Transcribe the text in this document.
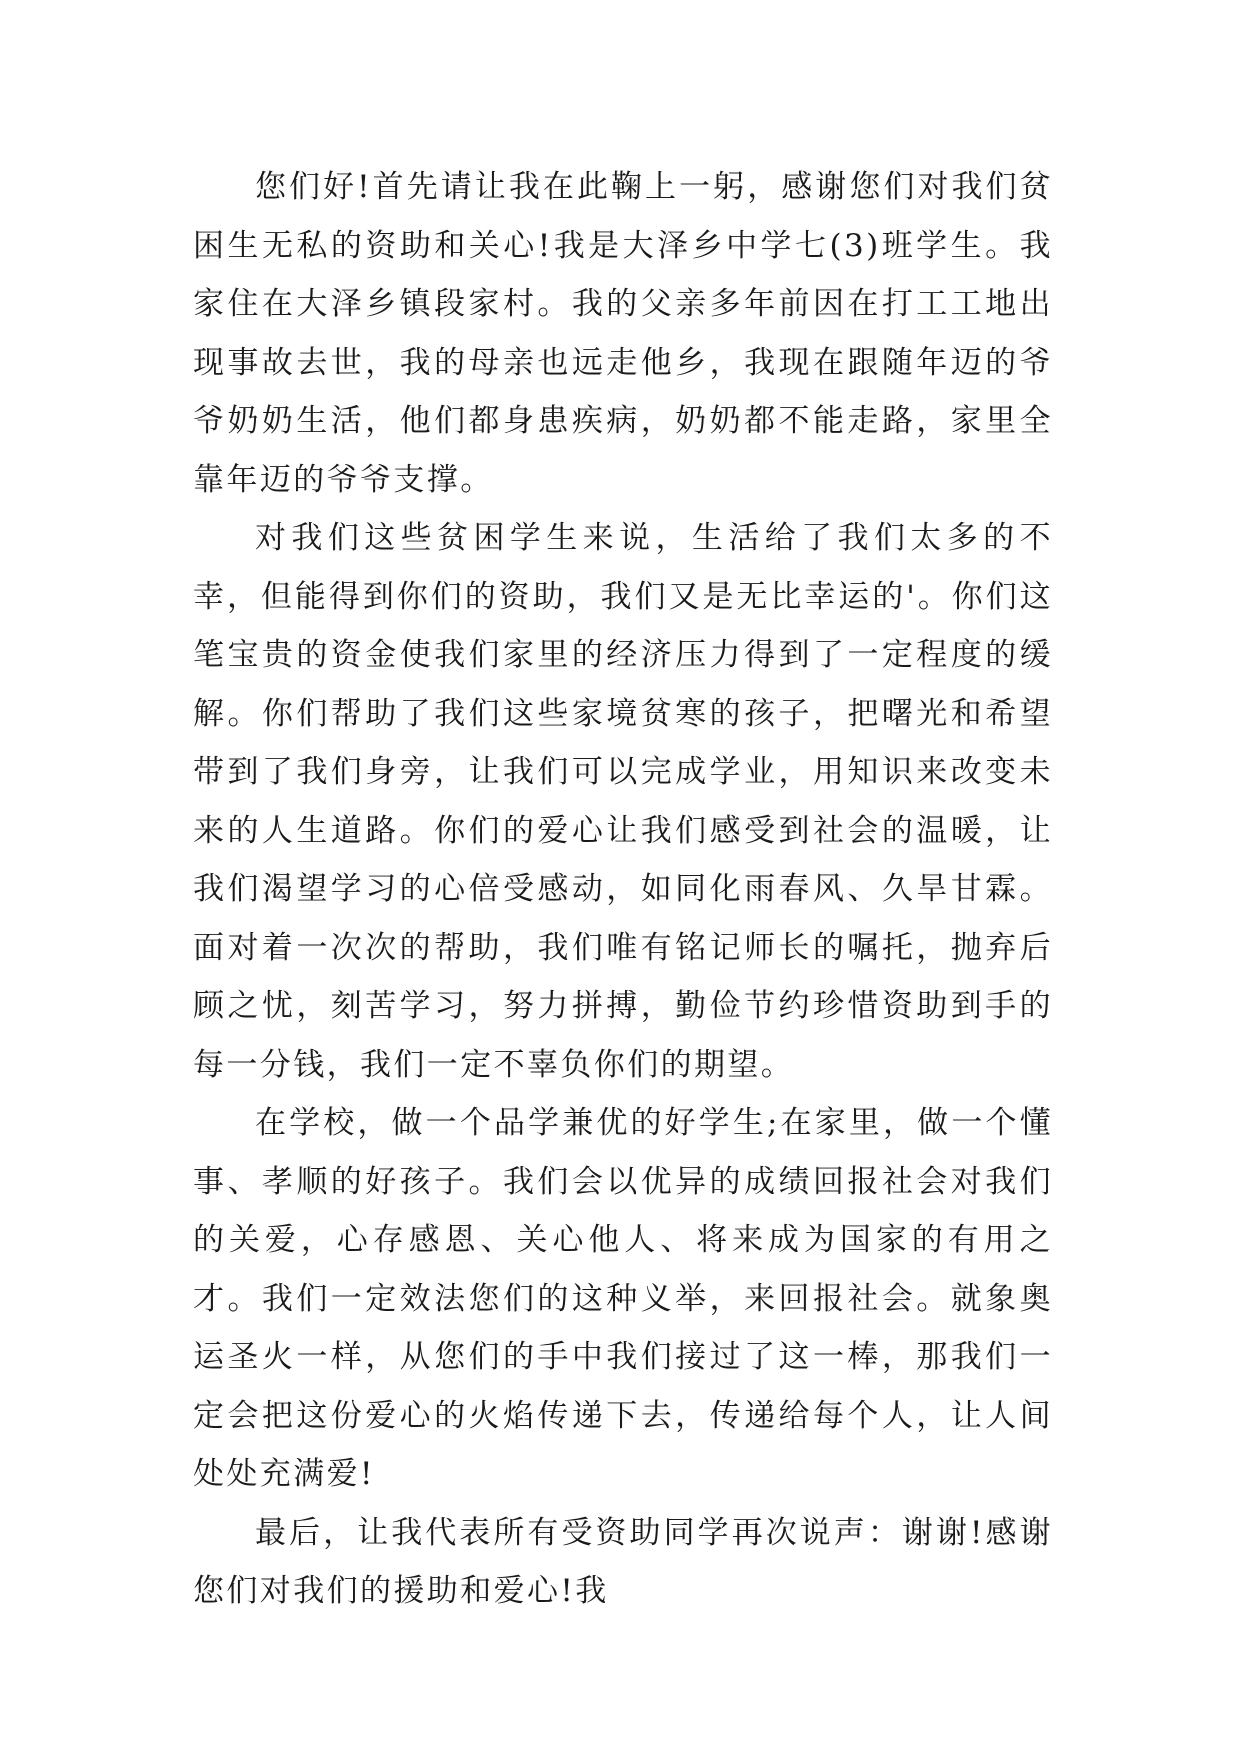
您们好!首先请让我在此鞠上一躬，感谢您们对我们贫困生无私的资助和关心!我是大泽乡中学七(3)班学生。我家住在大泽乡镇段家村。我的父亲多年前因在打工工地出现事故去世，我的母亲也远走他乡，我现在跟随年迈的爷爷奶奶生活，他们都身患疾病，奶奶都不能走路，家里全靠年迈的爷爷支撑。

对我们这些贫困学生来说，生活给了我们太多的不幸，但能得到你们的资助，我们又是无比幸运的'。你们这笔宝贵的资金使我们家里的经济压力得到了一定程度的缓解。你们帮助了我们这些家境贫寒的孩子，把曙光和希望带到了我们身旁，让我们可以完成学业，用知识来改变未来的人生道路。你们的爱心让我们感受到社会的温暖，让我们渴望学习的心倍受感动，如同化雨春风、久旱甘霖。面对着一次次的帮助，我们唯有铭记师长的嘱托，抛弃后顾之忧，刻苦学习，努力拼搏，勤俭节约珍惜资助到手的每一分钱，我们一定不辜负你们的期望。

在学校，做一个品学兼优的好学生;在家里，做一个懂事、孝顺的好孩子。我们会以优异的成绩回报社会对我们的关爱，心存感恩、关心他人、将来成为国家的有用之才。我们一定效法您们的这种义举，来回报社会。就象奥运圣火一样，从您们的手中我们接过了这一棒，那我们一定会把这份爱心的火焰传递下去，传递给每个人，让人间处处充满爱!

最后，让我代表所有受资助同学再次说声：谢谢!感谢您们对我们的援助和爱心!我
